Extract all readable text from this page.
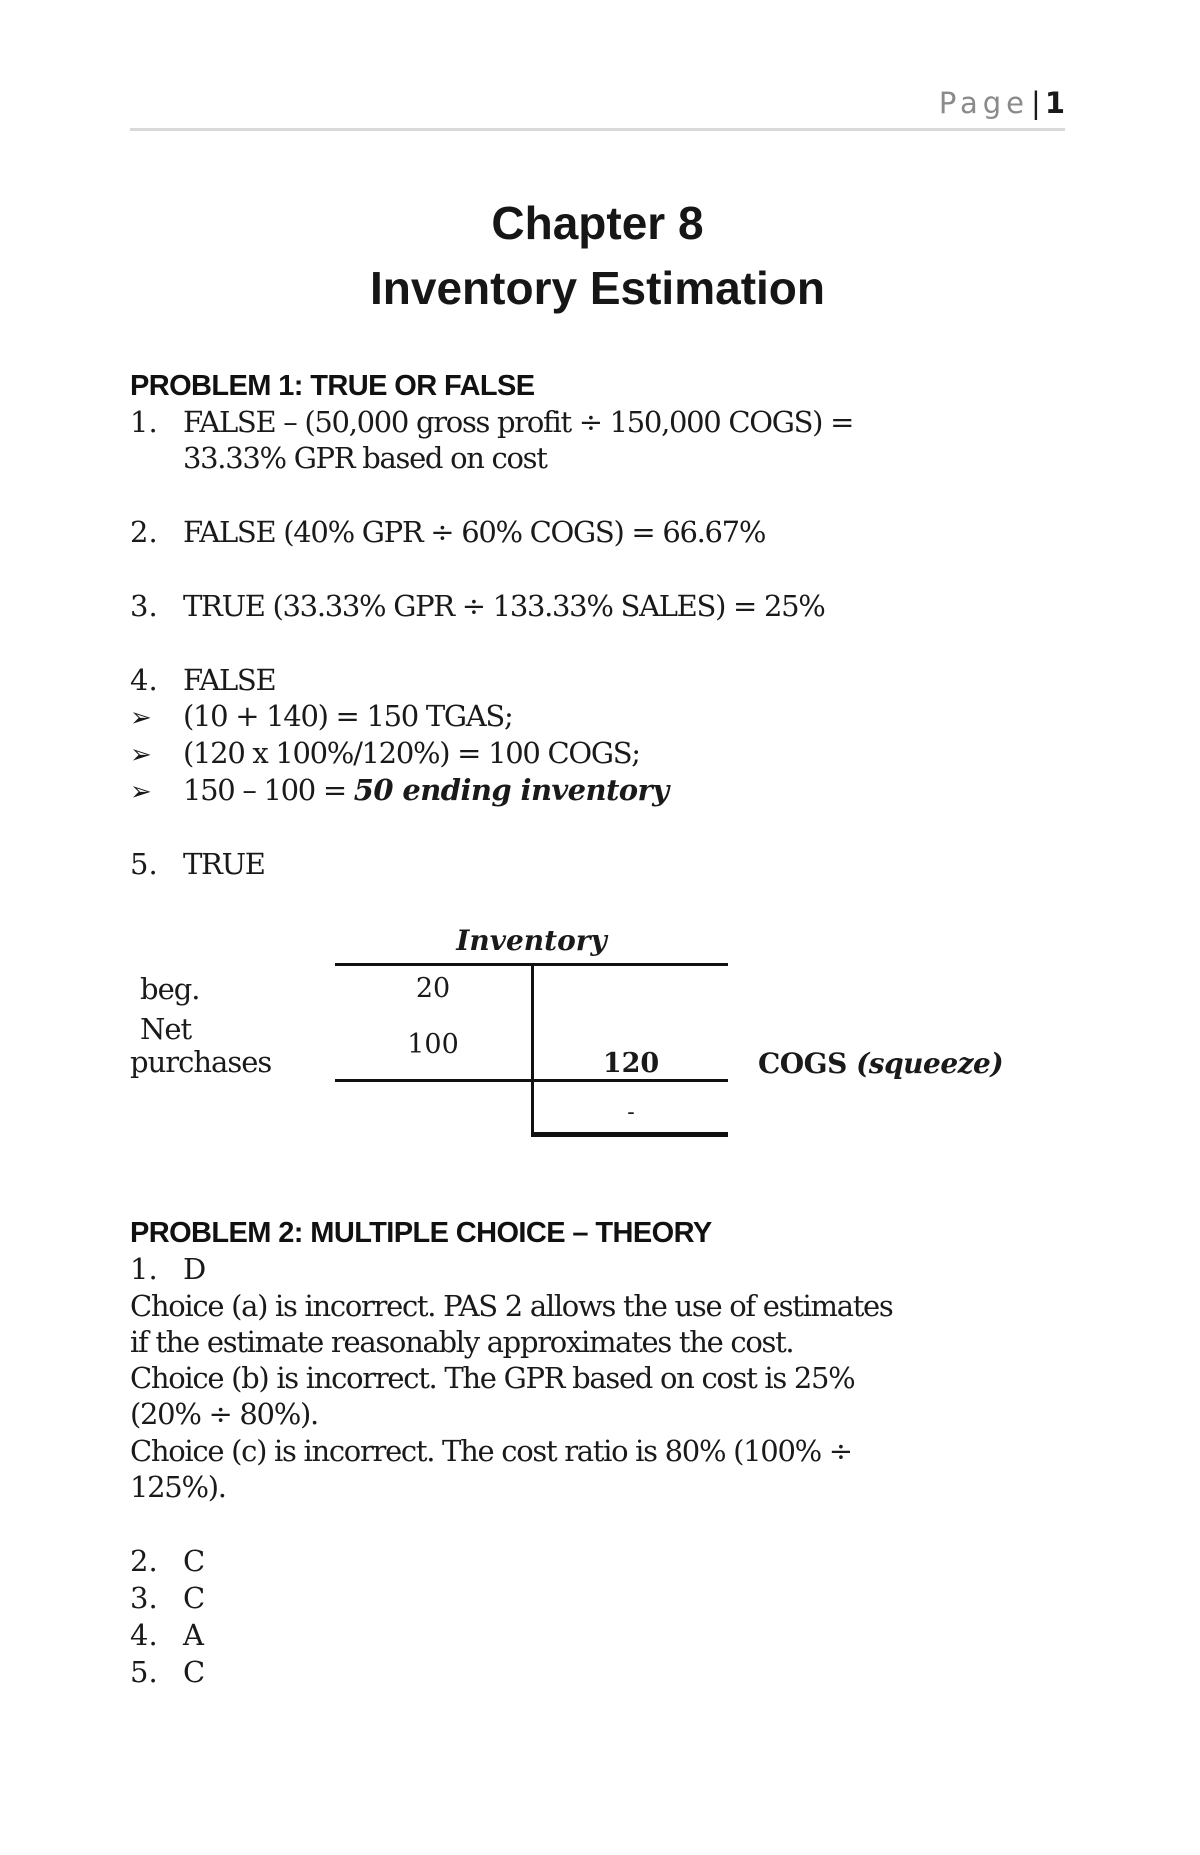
Page| 1
Chapter 8
Inventory Estimation
PROBLEM 1: TRUE OR FALSE
1. FALSE – (50,000 gross profit ÷ 150,000 COGS) =
33.33% GPR based on cost
2. FALSE (40% GPR ÷ 60% COGS) = 66.67%
3. TRUE (33.33% GPR ÷ 133.33% SALES) = 25%
4. FALSE
➢ (10 + 140) = 150 TGAS;
➢ (120 x 100%/120%) = 100 COGS;
➢ 150 – 100 = 50 ending inventory
5. TRUE
Inventory
beg.	20
Net
purchases
100
120
-
COGS (squeeze)
PROBLEM 2: MULTIPLE CHOICE – THEORY
1. D
Choice (a) is incorrect. PAS 2 allows the use of estimates
if the estimate reasonably approximates the cost.
Choice (b) is incorrect. The GPR based on cost is 25%
(20% ÷ 80%).
Choice (c) is incorrect. The cost ratio is 80% (100% ÷
125%).
2. C
3. C
4. A
5. C
